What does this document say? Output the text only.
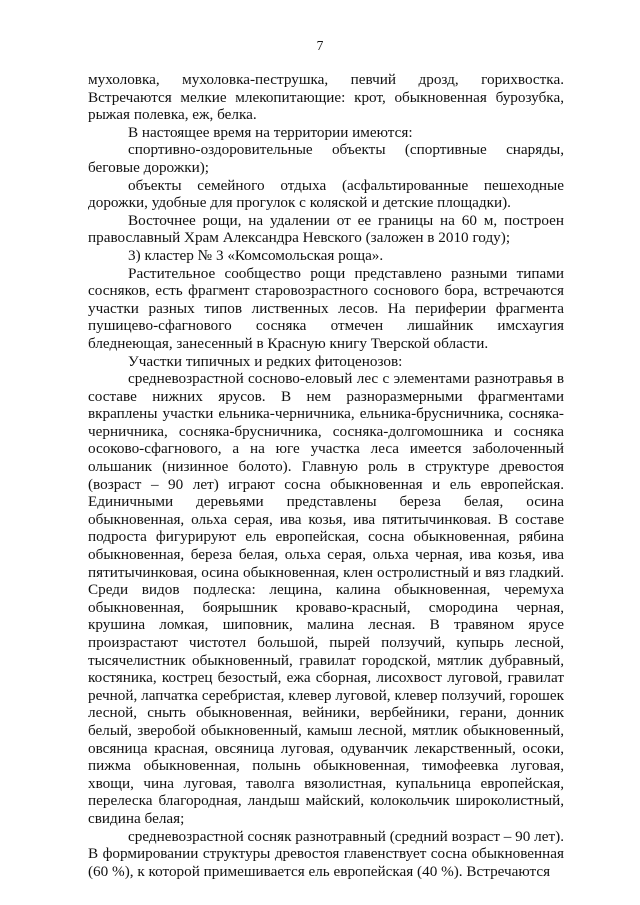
7

мухоловка, мухоловка-пеструшка, певчий дрозд, горихвостка. Встречаются мелкие млекопитающие: крот, обыкновенная бурозубка, рыжая полевка, еж, белка.

В настоящее время на территории имеются:

спортивно-оздоровительные объекты (спортивные снаряды, беговые дорожки);

объекты семейного отдыха (асфальтированные пешеходные дорожки, удобные для прогулок с коляской и детские площадки).

Восточнее рощи, на удалении от ее границы на 60 м, построен православный Храм Александра Невского (заложен в 2010 году);

3) кластер № 3 «Комсомольская роща».

Растительное сообщество рощи представлено разными типами сосняков, есть фрагмент старовозрастного соснового бора, встречаются участки разных типов лиственных лесов. На периферии фрагмента пушицево-сфагнового сосняка отмечен лишайник имсхаугия бледнеющая, занесенный в Красную книгу Тверской области.

Участки типичных и редких фитоценозов:

средневозрастной сосново-еловый лес с элементами разнотравья в составе нижних ярусов. В нем разноразмерными фрагментами вкраплены участки ельника-черничника, ельника-брусничника, сосняка-черничника, сосняка-брусничника, сосняка-долгомошника и сосняка осоково-сфагнового, а на юге участка леса имеется заболоченный ольшаник (низинное болото). Главную роль в структуре древостоя (возраст – 90 лет) играют сосна обыкновенная и ель европейская. Единичными деревьями представлены береза белая, осина обыкновенная, ольха серая, ива козья, ива пятитычинковая. В составе подроста фигурируют ель европейская, сосна обыкновенная, рябина обыкновенная, береза белая, ольха серая, ольха черная, ива козья, ива пятитычинковая, осина обыкновенная, клен остролистный и вяз гладкий. Среди видов подлеска: лещина, калина обыкновенная, черемуха обыкновенная, боярышник кроваво-красный, смородина черная, крушина ломкая, шиповник, малина лесная. В травяном ярусе произрастают чистотел большой, пырей ползучий, купырь лесной, тысячелистник обыкновенный, гравилат городской, мятлик дубравный, костяника, кострец безостый, ежа сборная, лисохвост луговой, гравилат речной, лапчатка серебристая, клевер луговой, клевер ползучий, горошек лесной, сныть обыкновенная, вейники, вербейники, герани, донник белый, зверобой обыкновенный, камыш лесной, мятлик обыкновенный, овсяница красная, овсяница луговая, одуванчик лекарственный, осоки, пижма обыкновенная, полынь обыкновенная, тимофеевка луговая, хвощи, чина луговая, таволга вязолистная, купальница европейская, перелеска благородная, ландыш майский, колокольчик широколистный, свидина белая;

средневозрастной сосняк разнотравный (средний возраст – 90 лет). В формировании структуры древостоя главенствует сосна обыкновенная (60 %), к которой примешивается ель европейская (40 %). Встречаются
